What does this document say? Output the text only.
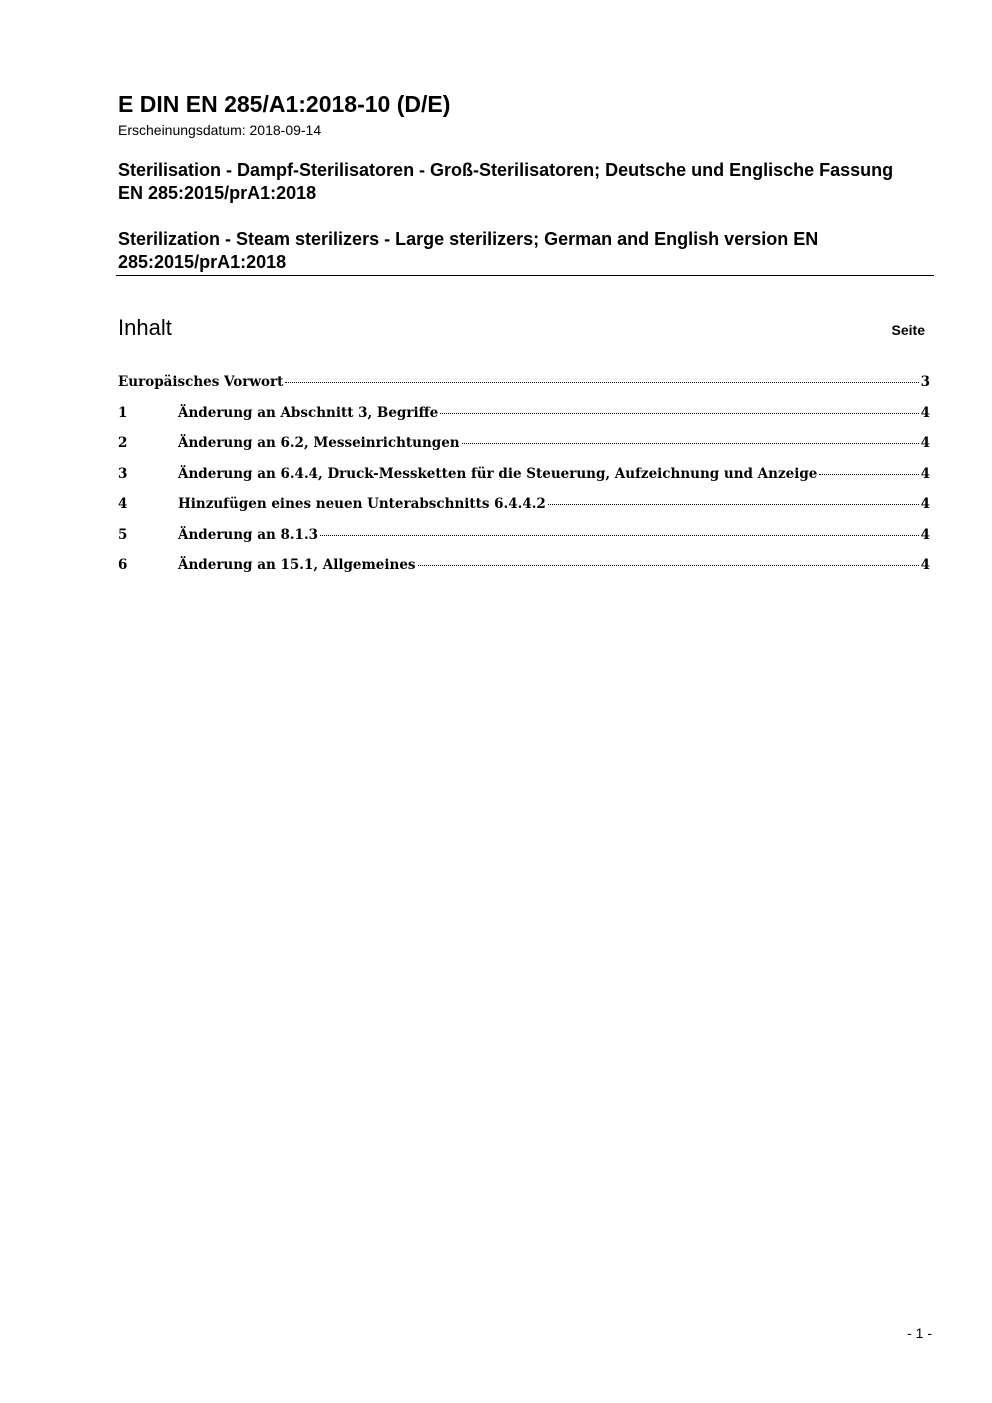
E DIN EN 285/A1:2018-10 (D/E)
Erscheinungsdatum: 2018-09-14
Sterilisation - Dampf-Sterilisatoren - Groß-Sterilisatoren; Deutsche und Englische Fassung EN 285:2015/prA1:2018
Sterilization - Steam sterilizers - Large sterilizers; German and English version EN 285:2015/prA1:2018
Inhalt	Seite
Europäisches Vorwort	3
1	Änderung an Abschnitt 3, Begriffe	4
2	Änderung an 6.2, Messeinrichtungen	4
3	Änderung an 6.4.4, Druck-Messketten für die Steuerung, Aufzeichnung und Anzeige	4
4	Hinzufügen eines neuen Unterabschnitts 6.4.4.2	4
5	Änderung an 8.1.3	4
6	Änderung an 15.1, Allgemeines	4
- 1 -
